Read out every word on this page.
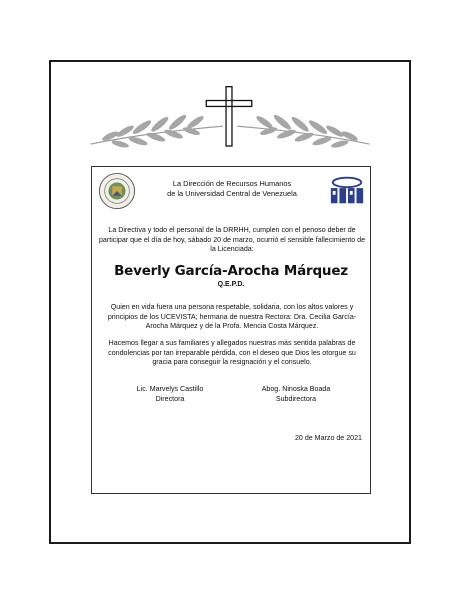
La Dirección de Recursos Humanos
de la Universidad Central de Venezuela
La Directiva y todo el personal de la DRRHH, cumplen con el penoso deber de participar que el día de hoy, sábado 20 de marzo, ocurrió el sensible fallecimiento de la Licenciada:
Beverly García-Arocha Márquez
Q.E.P.D.
Quien en vida fuera una persona respetable, solidaria, con los altos valores y principios de los UCEVISTA; hermana de nuestra Rectora: Dra. Cecilia García-Arocha Márquez y de la Profa. Mencia Costa Márquez.
Hacemos llegar a sus familiares y allegados nuestras más sentida palabras de condolencias por tan irreparable pérdida, con el deseo que Dios les otorgue su gracia para conseguir la resignación y el consuelo.
Lic. Marvelys Castillo
Directora
Abog. Ninoska Boada
Subdirectora
20 de Marzo de 2021
